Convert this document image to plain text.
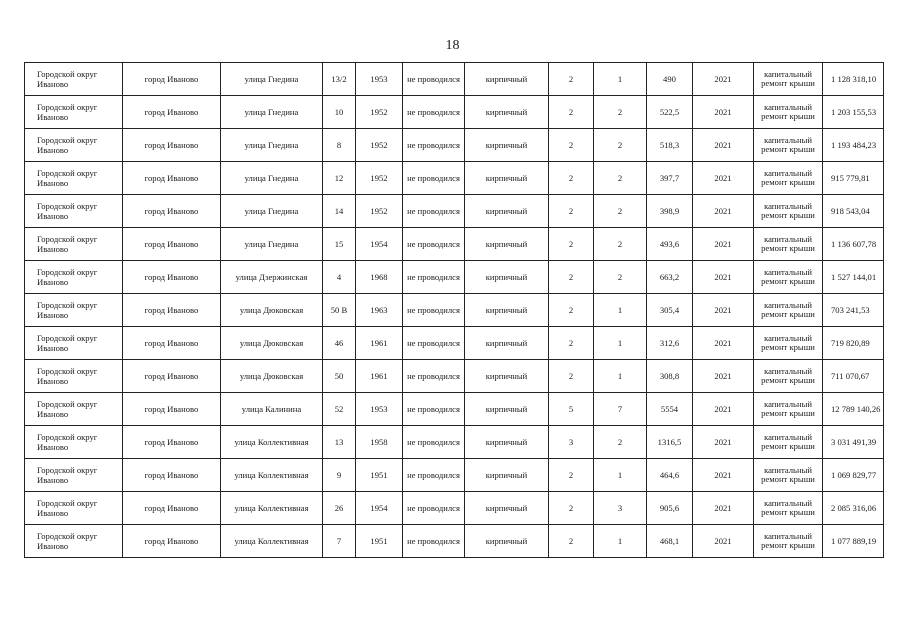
18
Городской округ Иваново	город Иваново	улица Гнедина	13/2	1953	не проводился	кирпичный	2	1	490	2021	капитальный ремонт крыши	1 128 318,10
Городской округ Иваново	город Иваново	улица Гнедина	10	1952	не проводился	кирпичный	2	2	522,5	2021	капитальный ремонт крыши	1 203 155,53
Городской округ Иваново	город Иваново	улица Гнедина	8	1952	не проводился	кирпичный	2	2	518,3	2021	капитальный ремонт крыши	1 193 484,23
Городской округ Иваново	город Иваново	улица Гнедина	12	1952	не проводился	кирпичный	2	2	397,7	2021	капитальный ремонт крыши	915 779,81
Городской округ Иваново	город Иваново	улица Гнедина	14	1952	не проводился	кирпичный	2	2	398,9	2021	капитальный ремонт крыши	918 543,04
Городской округ Иваново	город Иваново	улица Гнедина	15	1954	не проводился	кирпичный	2	2	493,6	2021	капитальный ремонт крыши	1 136 607,78
Городской округ Иваново	город Иваново	улица Дзержинская	4	1968	не проводился	кирпичный	2	2	663,2	2021	капитальный ремонт крыши	1 527 144,01
Городской округ Иваново	город Иваново	улица Дюковская	50 В	1963	не проводился	кирпичный	2	1	305,4	2021	капитальный ремонт крыши	703 241,53
Городской округ Иваново	город Иваново	улица Дюковская	46	1961	не проводился	кирпичный	2	1	312,6	2021	капитальный ремонт крыши	719 820,89
Городской округ Иваново	город Иваново	улица Дюковская	50	1961	не проводился	кирпичный	2	1	308,8	2021	капитальный ремонт крыши	711 070,67
Городской округ Иваново	город Иваново	улица Калинина	52	1953	не проводился	кирпичный	5	7	5554	2021	капитальный ремонт крыши	12 789 140,26
Городской округ Иваново	город Иваново	улица Коллективная	13	1958	не проводился	кирпичный	3	2	1316,5	2021	капитальный ремонт крыши	3 031 491,39
Городской округ Иваново	город Иваново	улица Коллективная	9	1951	не проводился	кирпичный	2	1	464,6	2021	капитальный ремонт крыши	1 069 829,77
Городской округ Иваново	город Иваново	улица Коллективная	26	1954	не проводился	кирпичный	2	3	905,6	2021	капитальный ремонт крыши	2 085 316,06
Городской округ Иваново	город Иваново	улица Коллективная	7	1951	не проводился	кирпичный	2	1	468,1	2021	капитальный ремонт крыши	1 077 889,19
